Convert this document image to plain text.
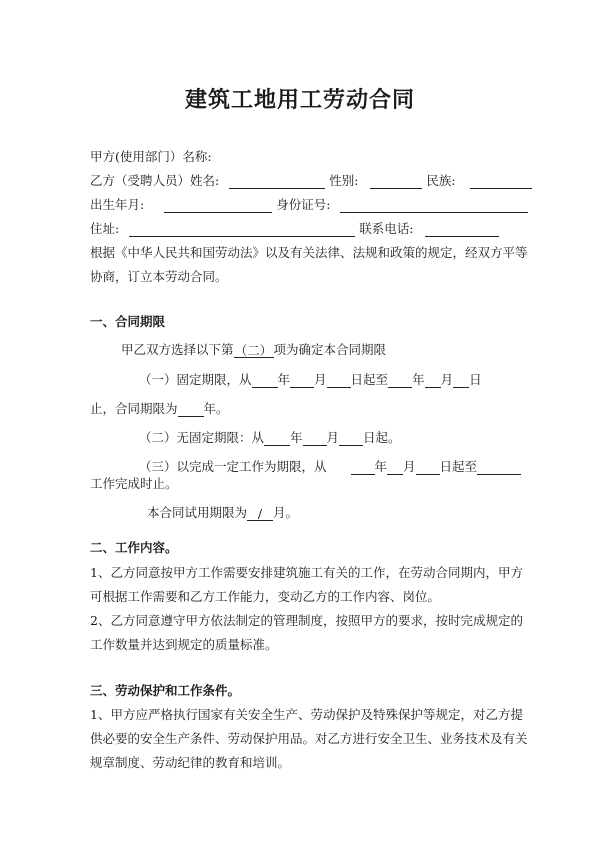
建筑工地用工劳动合同
甲方(使用部门）名称:
乙方（受聘人员）姓名:	性别:	民族:
出生年月:	身份证号:
住址:	联系电话:
根据《中华人民共和国劳动法》以及有关法律、法规和政策的规定，经双方平等
协商，订立本劳动合同。
一、合同期限
甲乙双方选择以下第（二）项为确定本合同期限
（一）固定期限，从 年 月 日起至 年 月 日
止，合同期限为 年。
（二）无固定期限：从 年 月 日起。
（三）以完成一定工作为期限，从	年 月 日起至
工作完成时止。
本合同试用期限为 / 月。
二、工作内容。
1、乙方同意按甲方工作需要安排建筑施工有关的工作，在劳动合同期内，甲方
可根据工作需要和乙方工作能力，变动乙方的工作内容、岗位。
2、乙方同意遵守甲方依法制定的管理制度，按照甲方的要求，按时完成规定的
工作数量并达到规定的质量标准。
三、劳动保护和工作条件。
1、甲方应严格执行国家有关安全生产、劳动保护及特殊保护等规定，对乙方提
供必要的安全生产条件、劳动保护用品。对乙方进行安全卫生、业务技术及有关
规章制度、劳动纪律的教育和培训。
